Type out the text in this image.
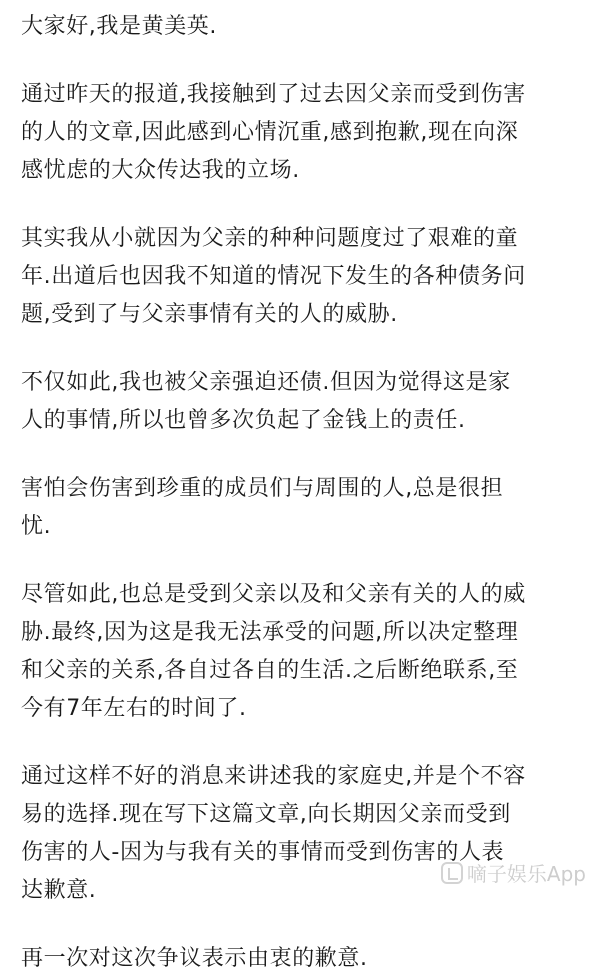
大家好,我是黄美英.

通过昨天的报道,我接触到了过去因父亲而受到伤害
的人的文章,因此感到心情沉重,感到抱歉,现在向深
感忧虑的大众传达我的立场.

其实我从小就因为父亲的种种问题度过了艰难的童
年.出道后也因我不知道的情况下发生的各种债务问
题,受到了与父亲事情有关的人的威胁.

不仅如此,我也被父亲强迫还债.但因为觉得这是家
人的事情,所以也曾多次负起了金钱上的责任.

害怕会伤害到珍重的成员们与周围的人,总是很担
忧.

尽管如此,也总是受到父亲以及和父亲有关的人的威
胁.最终,因为这是我无法承受的问题,所以决定整理
和父亲的关系,各自过各自的生活.之后断绝联系,至
今有7年左右的时间了.

通过这样不好的消息来讲述我的家庭史,并是个不容
易的选择.现在写下这篇文章,向长期因父亲而受到
伤害的人-因为与我有关的事情而受到伤害的人表
达歉意.

再一次对这次争议表示由衷的歉意.

嘀子娱乐App
